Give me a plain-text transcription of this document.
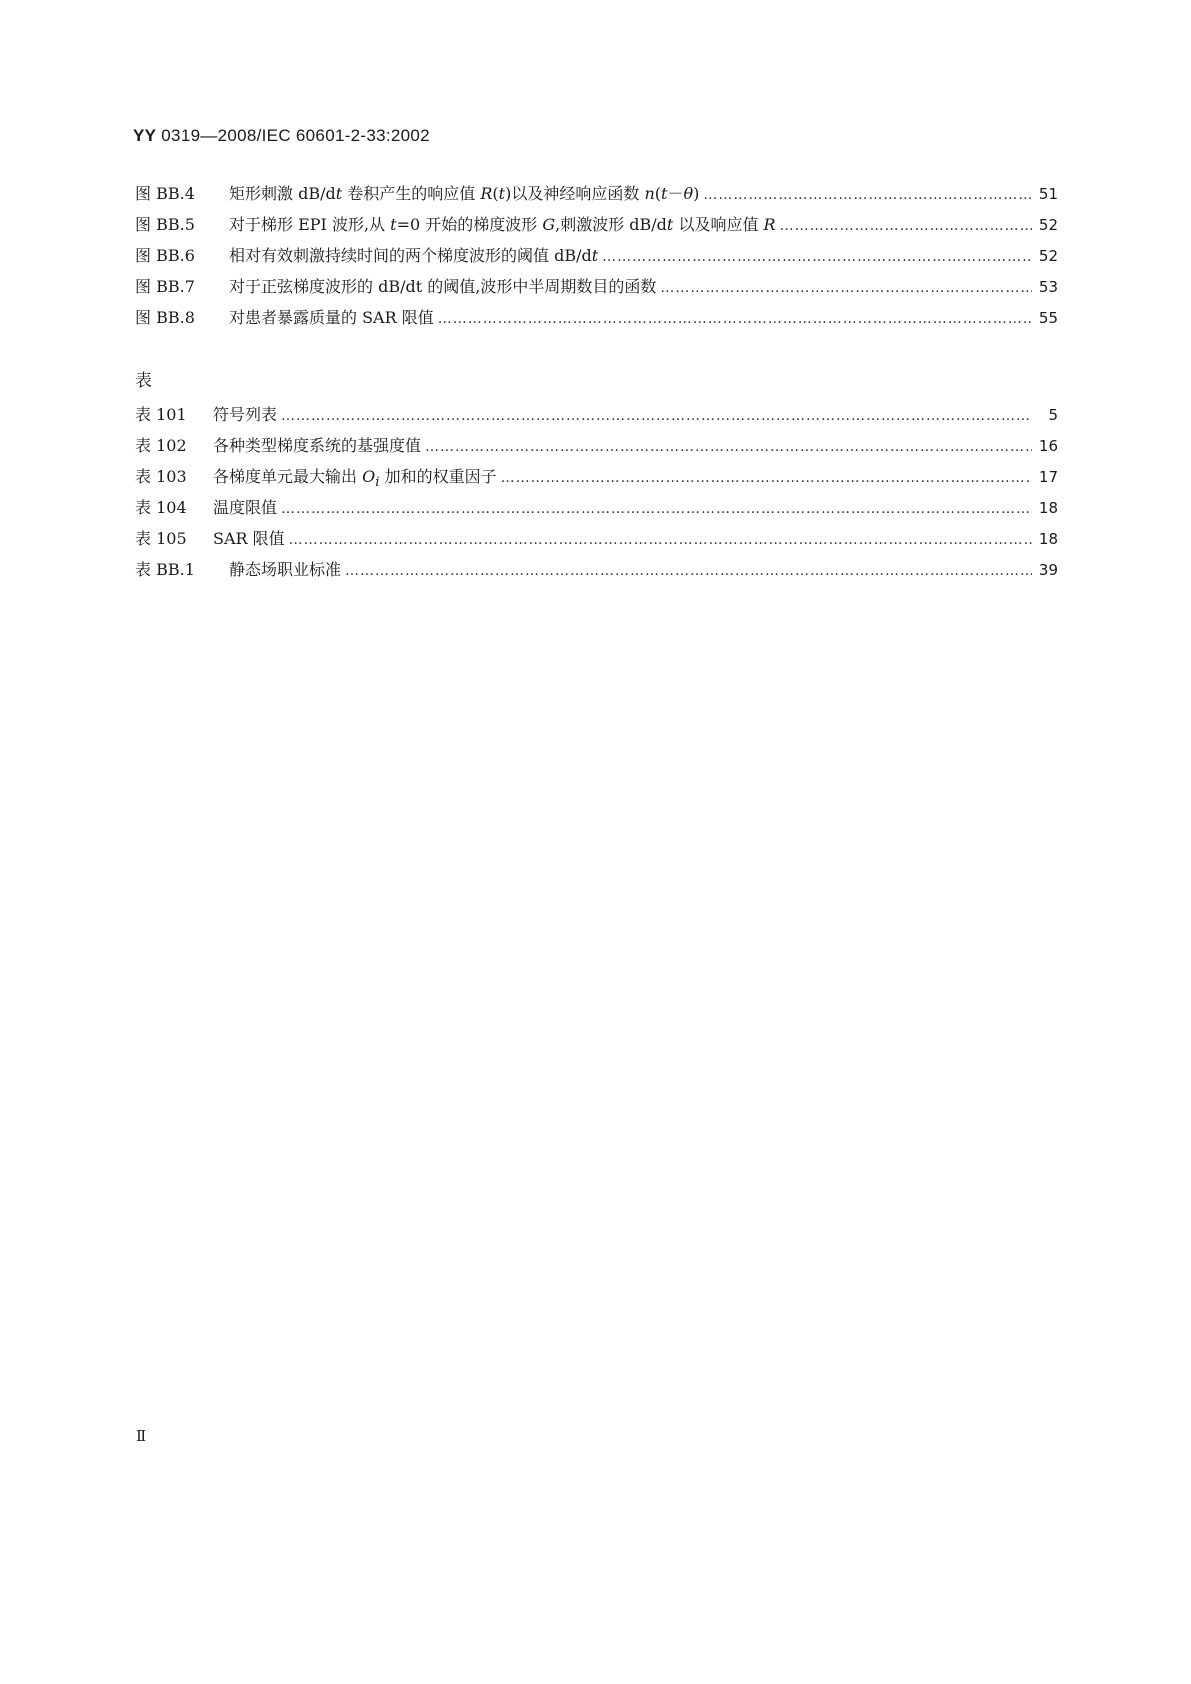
YY 0319—2008/IEC 60601-2-33:2002
图 BB.4	矩形刺激 dB/dt 卷积产生的响应值 R(t)以及神经响应函数 n(t－θ) …………………………………………………………………………………………………………………………………………………………………………………………………………	51
图 BB.5	对于梯形 EPI 波形,从 t=0 开始的梯度波形 G,刺激波形 dB/dt 以及响应值 R …………………………………………………………………………………………………………………………………………………………………………………………………………	52
图 BB.6	相对有效刺激持续时间的两个梯度波形的阈值 dB/dt …………………………………………………………………………………………………………………………………………………………………………………………………………	52
图 BB.7	对于正弦梯度波形的 dB/dt 的阈值,波形中半周期数目的函数 …………………………………………………………………………………………………………………………………………………………………………………………………………	53
图 BB.8	对患者暴露质量的 SAR 限值 …………………………………………………………………………………………………………………………………………………………………………………………………………	55
表
表 101	符号列表 …………………………………………………………………………………………………………………………………………………………………………………………………………	5
表 102	各种类型梯度系统的基强度值 …………………………………………………………………………………………………………………………………………………………………………………………………………	16
表 103	各梯度单元最大输出 $O_i$ 加和的权重因子 …………………………………………………………………………………………………………………………………………………………………………………………………………	17
表 104	温度限值 …………………………………………………………………………………………………………………………………………………………………………………………………………	18
表 105	SAR 限值 …………………………………………………………………………………………………………………………………………………………………………………………………………	18
表 BB.1	静态场职业标准 …………………………………………………………………………………………………………………………………………………………………………………………………………	39
Ⅱ
